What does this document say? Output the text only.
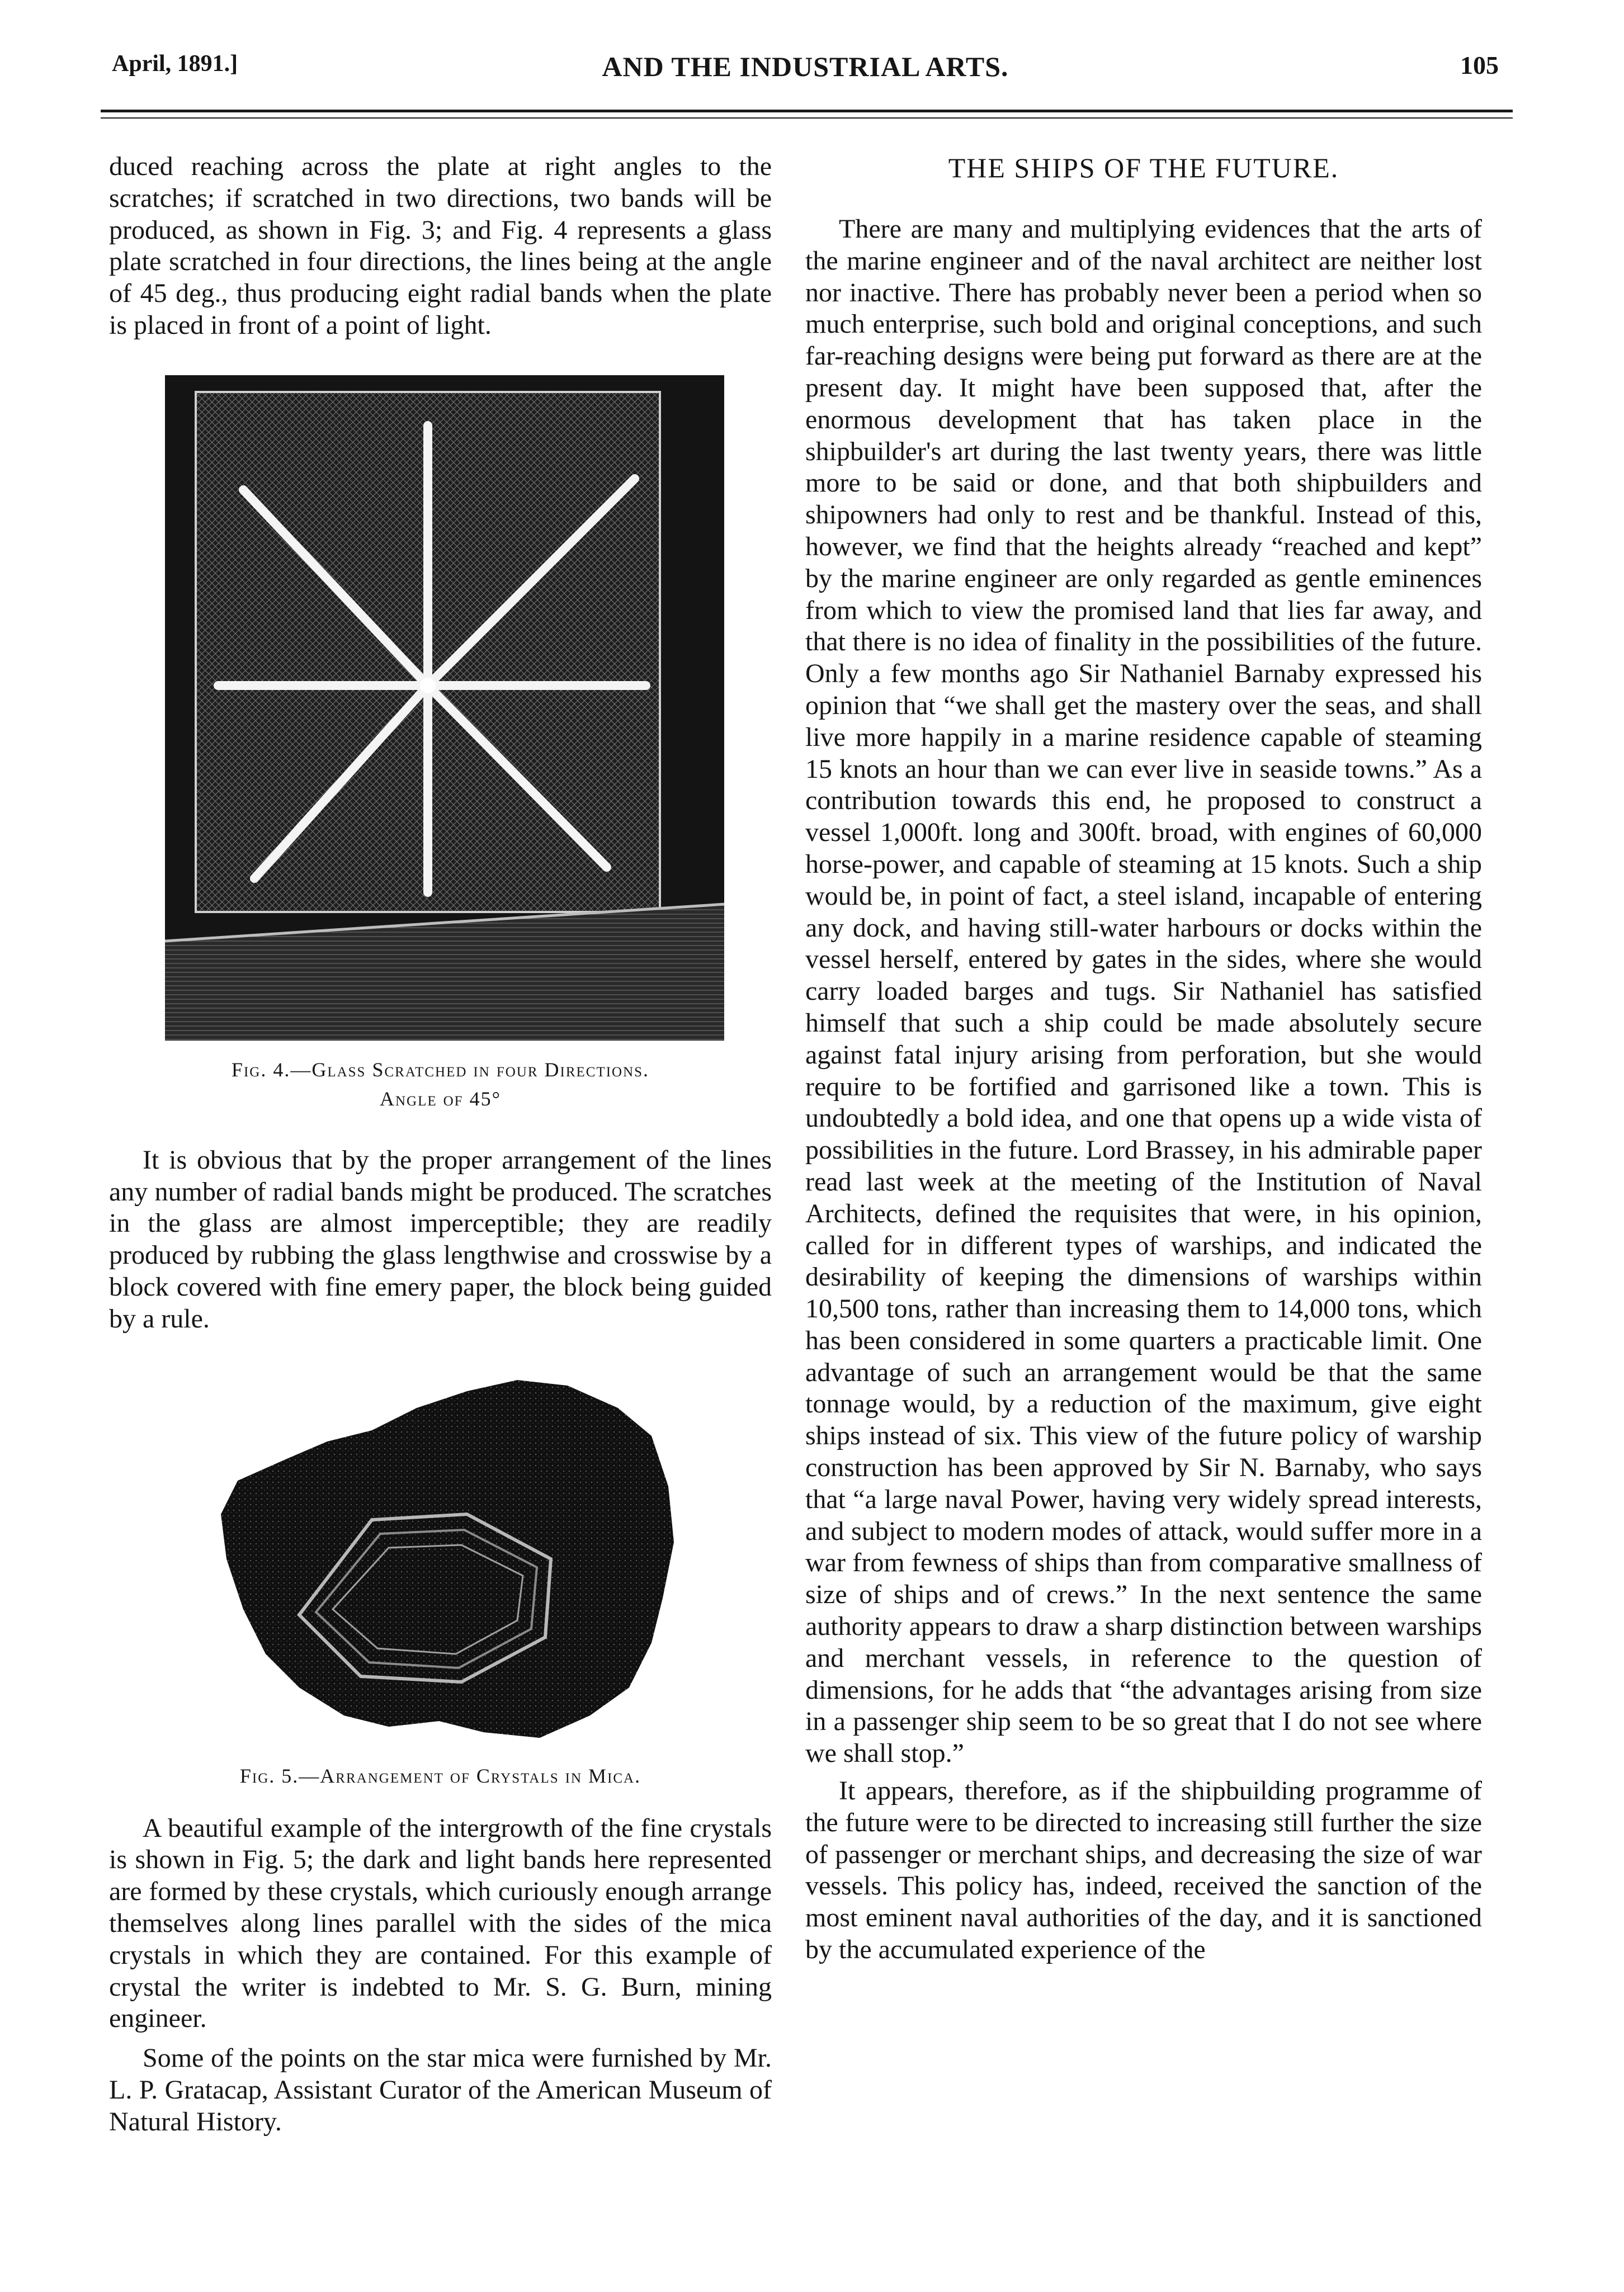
April, 1891.]	AND THE INDUSTRIAL ARTS.	105

duced reaching across the plate at right angles to the scratches; if scratched in two directions, two bands will be produced, as shown in Fig. 3; and Fig. 4 represents a glass plate scratched in four directions, the lines being at the angle of 45 deg., thus producing eight radial bands when the plate is placed in front of a point of light.

Fig. 4.—Glass Scratched in four Directions.
Angle of 45°

It is obvious that by the proper arrangement of the lines any number of radial bands might be produced. The scratches in the glass are almost imperceptible; they are readily produced by rubbing the glass lengthwise and crosswise by a block covered with fine emery paper, the block being guided by a rule.

Fig. 5.—Arrangement of Crystals in Mica.

A beautiful example of the intergrowth of the fine crystals is shown in Fig. 5; the dark and light bands here represented are formed by these crystals, which curiously enough arrange themselves along lines parallel with the sides of the mica crystals in which they are contained. For this example of crystal the writer is indebted to Mr. S. G. Burn, mining engineer.

Some of the points on the star mica were furnished by Mr. L. P. Gratacap, Assistant Curator of the American Museum of Natural History.

THE SHIPS OF THE FUTURE.

There are many and multiplying evidences that the arts of the marine engineer and of the naval architect are neither lost nor inactive. There has probably never been a period when so much enterprise, such bold and original conceptions, and such far-reaching designs were being put forward as there are at the present day. It might have been supposed that, after the enormous development that has taken place in the shipbuilder's art during the last twenty years, there was little more to be said or done, and that both shipbuilders and shipowners had only to rest and be thankful. Instead of this, however, we find that the heights already “reached and kept” by the marine engineer are only regarded as gentle eminences from which to view the promised land that lies far away, and that there is no idea of finality in the possibilities of the future. Only a few months ago Sir Nathaniel Barnaby expressed his opinion that “we shall get the mastery over the seas, and shall live more happily in a marine residence capable of steaming 15 knots an hour than we can ever live in seaside towns.” As a contribution towards this end, he proposed to construct a vessel 1,000ft. long and 300ft. broad, with engines of 60,000 horse-power, and capable of steaming at 15 knots. Such a ship would be, in point of fact, a steel island, incapable of entering any dock, and having still-water harbours or docks within the vessel herself, entered by gates in the sides, where she would carry loaded barges and tugs. Sir Nathaniel has satisfied himself that such a ship could be made absolutely secure against fatal injury arising from perforation, but she would require to be fortified and garrisoned like a town. This is undoubtedly a bold idea, and one that opens up a wide vista of possibilities in the future. Lord Brassey, in his admirable paper read last week at the meeting of the Institution of Naval Architects, defined the requisites that were, in his opinion, called for in different types of warships, and indicated the desirability of keeping the dimensions of warships within 10,500 tons, rather than increasing them to 14,000 tons, which has been considered in some quarters a practicable limit. One advantage of such an arrangement would be that the same tonnage would, by a reduction of the maximum, give eight ships instead of six. This view of the future policy of warship construction has been approved by Sir N. Barnaby, who says that “a large naval Power, having very widely spread interests, and subject to modern modes of attack, would suffer more in a war from fewness of ships than from comparative smallness of size of ships and of crews.” In the next sentence the same authority appears to draw a sharp distinction between warships and merchant vessels, in reference to the question of dimensions, for he adds that “the advantages arising from size in a passenger ship seem to be so great that I do not see where we shall stop.”

It appears, therefore, as if the shipbuilding programme of the future were to be directed to increasing still further the size of passenger or merchant ships, and decreasing the size of war vessels. This policy has, indeed, received the sanction of the most eminent naval authorities of the day, and it is sanctioned by the accumulated experience of the
